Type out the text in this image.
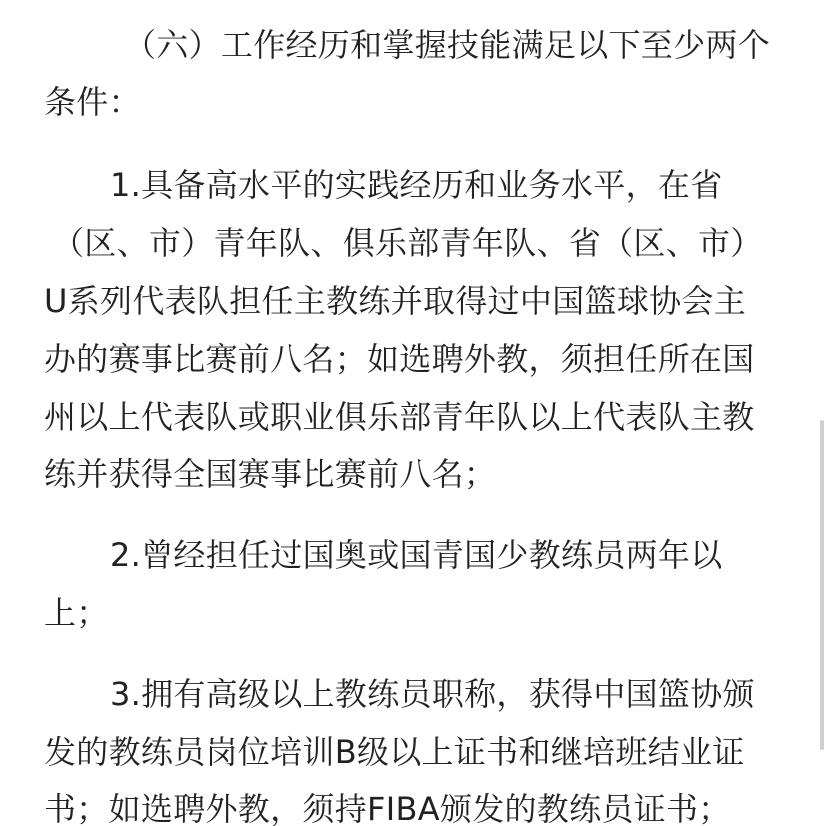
（六）工作经历和掌握技能满足以下至少两个
条件：
1.具备高水平的实践经历和业务水平，在省
（区、市）青年队、俱乐部青年队、省（区、市）
U系列代表队担任主教练并取得过中国篮球协会主
办的赛事比赛前八名；如选聘外教，须担任所在国
州以上代表队或职业俱乐部青年队以上代表队主教
练并获得全国赛事比赛前八名；
2.曾经担任过国奥或国青国少教练员两年以
上；
3.拥有高级以上教练员职称，获得中国篮协颁
发的教练员岗位培训B级以上证书和继培班结业证
书；如选聘外教，须持FIBA颁发的教练员证书；
